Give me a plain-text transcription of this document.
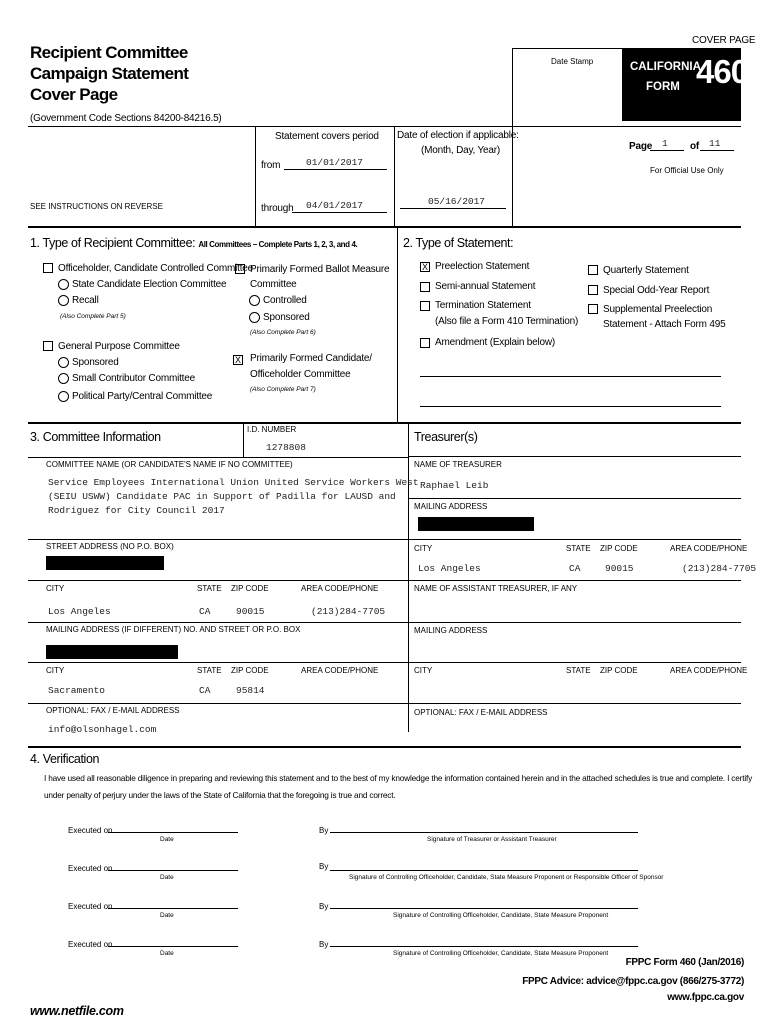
COVER PAGE
Recipient Committee
Campaign Statement
Cover Page
(Government Code Sections 84200-84216.5)
Date Stamp	CALIFORNIA
FORM 460
Statement covers period
from	01/01/2017
through 04/01/2017
Date of election if applicable:
(Month, Day, Year)
05/16/2017
SEE INSTRUCTIONS ON REVERSE
Page 1 of 11
For Official Use Only
1. Type of Recipient Committee: All Committees – Complete Parts 1, 2, 3, and 4.
Officeholder, Candidate Controlled Committee
State Candidate Election Committee
Recall
(Also Complete Part 5)
General Purpose Committee
Sponsored
Small Contributor Committee
Political Party/Central Committee
Primarily Formed Ballot Measure
Committee
Controlled
Sponsored
(Also Complete Part 6)
X Primarily Formed Candidate/
Officeholder Committee
(Also Complete Part 7)
2. Type of Statement:
X Preelection Statement
Semi-annual Statement
Termination Statement
(Also file a Form 410 Termination)
Amendment (Explain below)
Quarterly Statement
Special Odd-Year Report
Supplemental Preelection
Statement - Attach Form 495
3. Committee Information
I.D. NUMBER
1278808
COMMITTEE NAME (OR CANDIDATE'S NAME IF NO COMMITTEE)
Service Employees International Union United Service Workers West
(SEIU USWW) Candidate PAC in Support of Padilla for LAUSD and
Rodriguez for City Council 2017
STREET ADDRESS (NO P.O. BOX)
CITY	STATE ZIP CODE	AREA CODE/PHONE
Los Angeles	CA	90015	(213)284-7705
MAILING ADDRESS (IF DIFFERENT) NO. AND STREET OR P.O. BOX
CITY	STATE ZIP CODE	AREA CODE/PHONE
Sacramento	CA	95814
OPTIONAL: FAX / E-MAIL ADDRESS
info@olsonhagel.com
Treasurer(s)
NAME OF TREASURER
Raphael Leib
MAILING ADDRESS
CITY	STATE ZIP CODE	AREA CODE/PHONE
Los Angeles	CA	90015	(213)284-7705
NAME OF ASSISTANT TREASURER, IF ANY
MAILING ADDRESS
CITY	STATE ZIP CODE	AREA CODE/PHONE
OPTIONAL: FAX / E-MAIL ADDRESS
4. Verification
I have used all reasonable diligence in preparing and reviewing this statement and to the best of my knowledge the information contained herein and in the attached schedules is true and complete. I certify
under penalty of perjury under the laws of the State of California that the foregoing is true and correct.
Executed on
Date
By
Signature of Treasurer or Assistant Treasurer
Executed on
Date
By
Signature of Controlling Officeholder, Candidate, State Measure Proponent or Responsible Officer of Sponsor
Executed on
Date
By
Signature of Controlling Officeholder, Candidate, State Measure Proponent
Executed on
Date
By
Signature of Controlling Officeholder, Candidate, State Measure Proponent
FPPC Form 460 (Jan/2016)
FPPC Advice: advice@fppc.ca.gov (866/275-3772)
www.fppc.ca.gov
www.netfile.com
